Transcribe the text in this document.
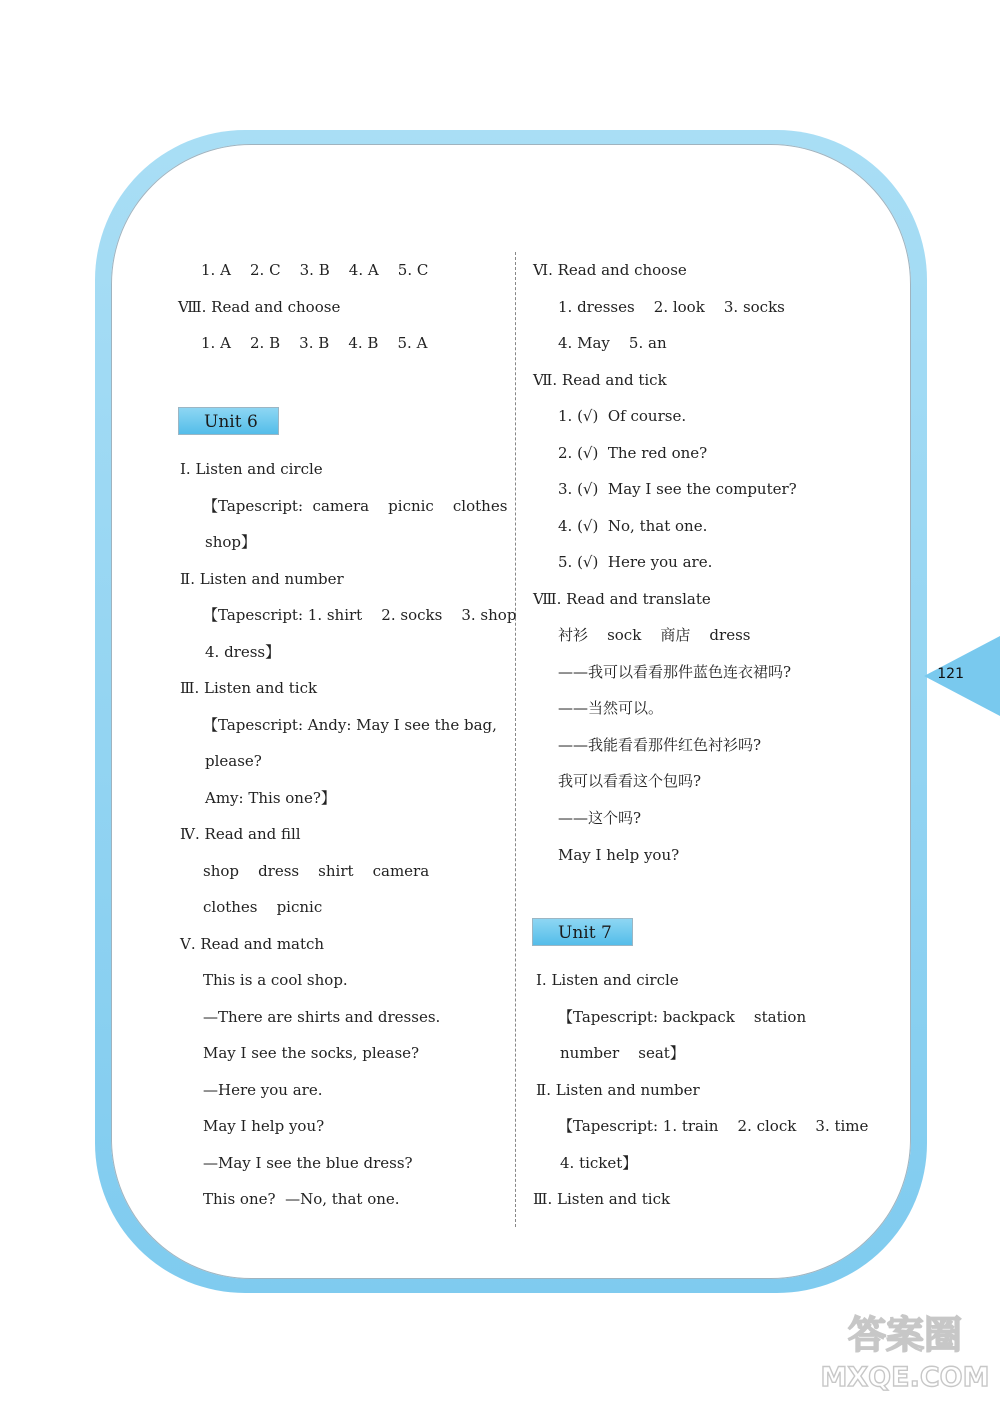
1. A    2. C    3. B    4. A    5. C
Ⅷ. Read and choose
1. A    2. B    3. B    4. B    5. A
Unit 6
Ⅰ. Listen and circle
【Tapescript:  camera    picnic    clothes
shop】
Ⅱ. Listen and number
【Tapescript: 1. shirt    2. socks    3. shop
4. dress】
Ⅲ. Listen and tick
【Tapescript: Andy: May I see the bag,
please?
Amy: This one?】
Ⅳ. Read and fill
shop    dress    shirt    camera
clothes    picnic
Ⅴ. Read and match
This is a cool shop.
—There are shirts and dresses.
May I see the socks, please?
—Here you are.
May I help you?
—May I see the blue dress?
This one?  —No, that one.
Ⅵ. Read and choose
1. dresses    2. look    3. socks
4. May    5. an
Ⅶ. Read and tick
1. (√)  Of course.
2. (√)  The red one?
3. (√)  May I see the computer?
4. (√)  No, that one.
5. (√)  Here you are.
Ⅷ. Read and translate
衬衫    sock    商店    dress
——我可以看看那件蓝色连衣裙吗?
——当然可以。
——我能看看那件红色衬衫吗?
我可以看看这个包吗?
——这个吗?
May I help you?
Unit 7
Ⅰ. Listen and circle
【Tapescript: backpack    station
number    seat】
Ⅱ. Listen and number
【Tapescript: 1. train    2. clock    3. time
4. ticket】
Ⅲ. Listen and tick
121
答案圈
MXQE.COM
